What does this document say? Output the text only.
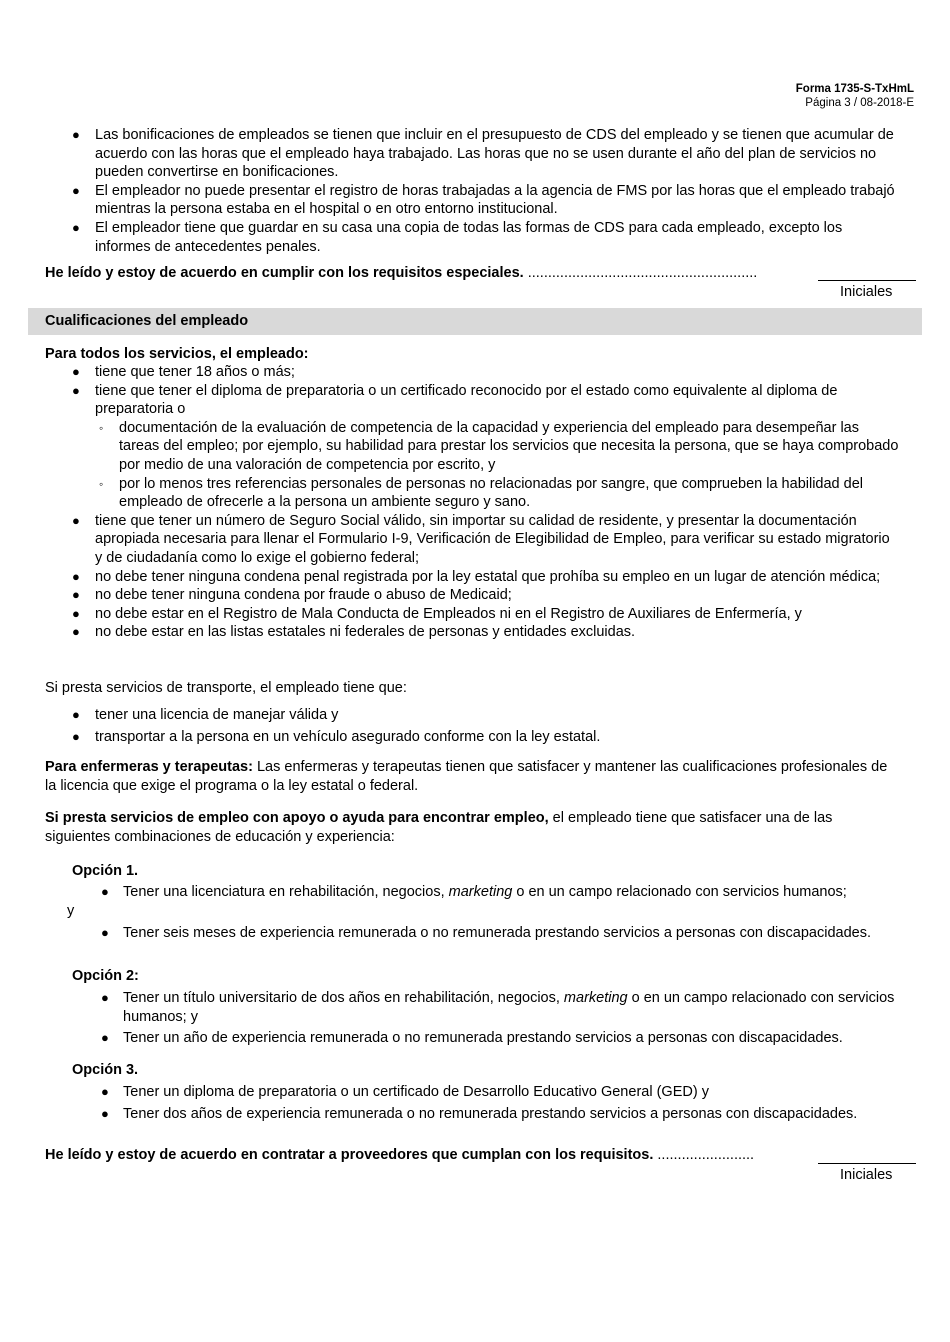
Forma 1735-S-TxHmL
Página 3 / 08-2018-E
● Las bonificaciones de empleados se tienen que incluir en el presupuesto de CDS del empleado y se tienen que acumular de acuerdo con las horas que el empleado haya trabajado. Las horas que no se usen durante el año del plan de servicios no pueden convertirse en bonificaciones.
● El empleador no puede presentar el registro de horas trabajadas a la agencia de FMS por las horas que el empleado trabajó mientras la persona estaba en el hospital o en otro entorno institucional.
● El empleador tiene que guardar en su casa una copia de todas las formas de CDS para cada empleado, excepto los informes de antecedentes penales.
He leído y estoy de acuerdo en cumplir con los requisitos especiales. .........................................................
Iniciales
Cualificaciones del empleado
Para todos los servicios, el empleado:
● tiene que tener 18 años o más;
● tiene que tener el diploma de preparatoria o un certificado reconocido por el estado como equivalente al diploma de preparatoria o
◦ documentación de la evaluación de competencia de la capacidad y experiencia del empleado para desempeñar las tareas del empleo; por ejemplo, su habilidad para prestar los servicios que necesita la persona, que se haya comprobado por medio de una valoración de competencia por escrito, y
◦ por lo menos tres referencias personales de personas no relacionadas por sangre, que comprueben la habilidad del empleado de ofrecerle a la persona un ambiente seguro y sano.
● tiene que tener un número de Seguro Social válido, sin importar su calidad de residente, y presentar la documentación apropiada necesaria para llenar el Formulario I-9, Verificación de Elegibilidad de Empleo, para verificar su estado migratorio y de ciudadanía como lo exige el gobierno federal;
● no debe tener ninguna condena penal registrada por la ley estatal que prohíba su empleo en un lugar de atención médica;
● no debe tener ninguna condena por fraude o abuso de Medicaid;
● no debe estar en el Registro de Mala Conducta de Empleados ni en el Registro de Auxiliares de Enfermería, y
● no debe estar en las listas estatales ni federales de personas y entidades excluidas.
Si presta servicios de transporte, el empleado tiene que:
● tener una licencia de manejar válida y
● transportar a la persona en un vehículo asegurado conforme con la ley estatal.
Para enfermeras y terapeutas: Las enfermeras y terapeutas tienen que satisfacer y mantener las cualificaciones profesionales de la licencia que exige el programa o la ley estatal o federal.
Si presta servicios de empleo con apoyo o ayuda para encontrar empleo, el empleado tiene que satisfacer una de las siguientes combinaciones de educación y experiencia:
Opción 1.
● Tener una licenciatura en rehabilitación, negocios, marketing o en un campo relacionado con servicios humanos;
y
● Tener seis meses de experiencia remunerada o no remunerada prestando servicios a personas con discapacidades.
Opción 2:
● Tener un título universitario de dos años en rehabilitación, negocios, marketing o en un campo relacionado con servicios humanos; y
● Tener un año de experiencia remunerada o no remunerada prestando servicios a personas con discapacidades.
Opción 3.
● Tener un diploma de preparatoria o un certificado de Desarrollo Educativo General (GED) y
● Tener dos años de experiencia remunerada o no remunerada prestando servicios a personas con discapacidades.
He leído y estoy de acuerdo en contratar a proveedores que cumplan con los requisitos. ........................
Iniciales
